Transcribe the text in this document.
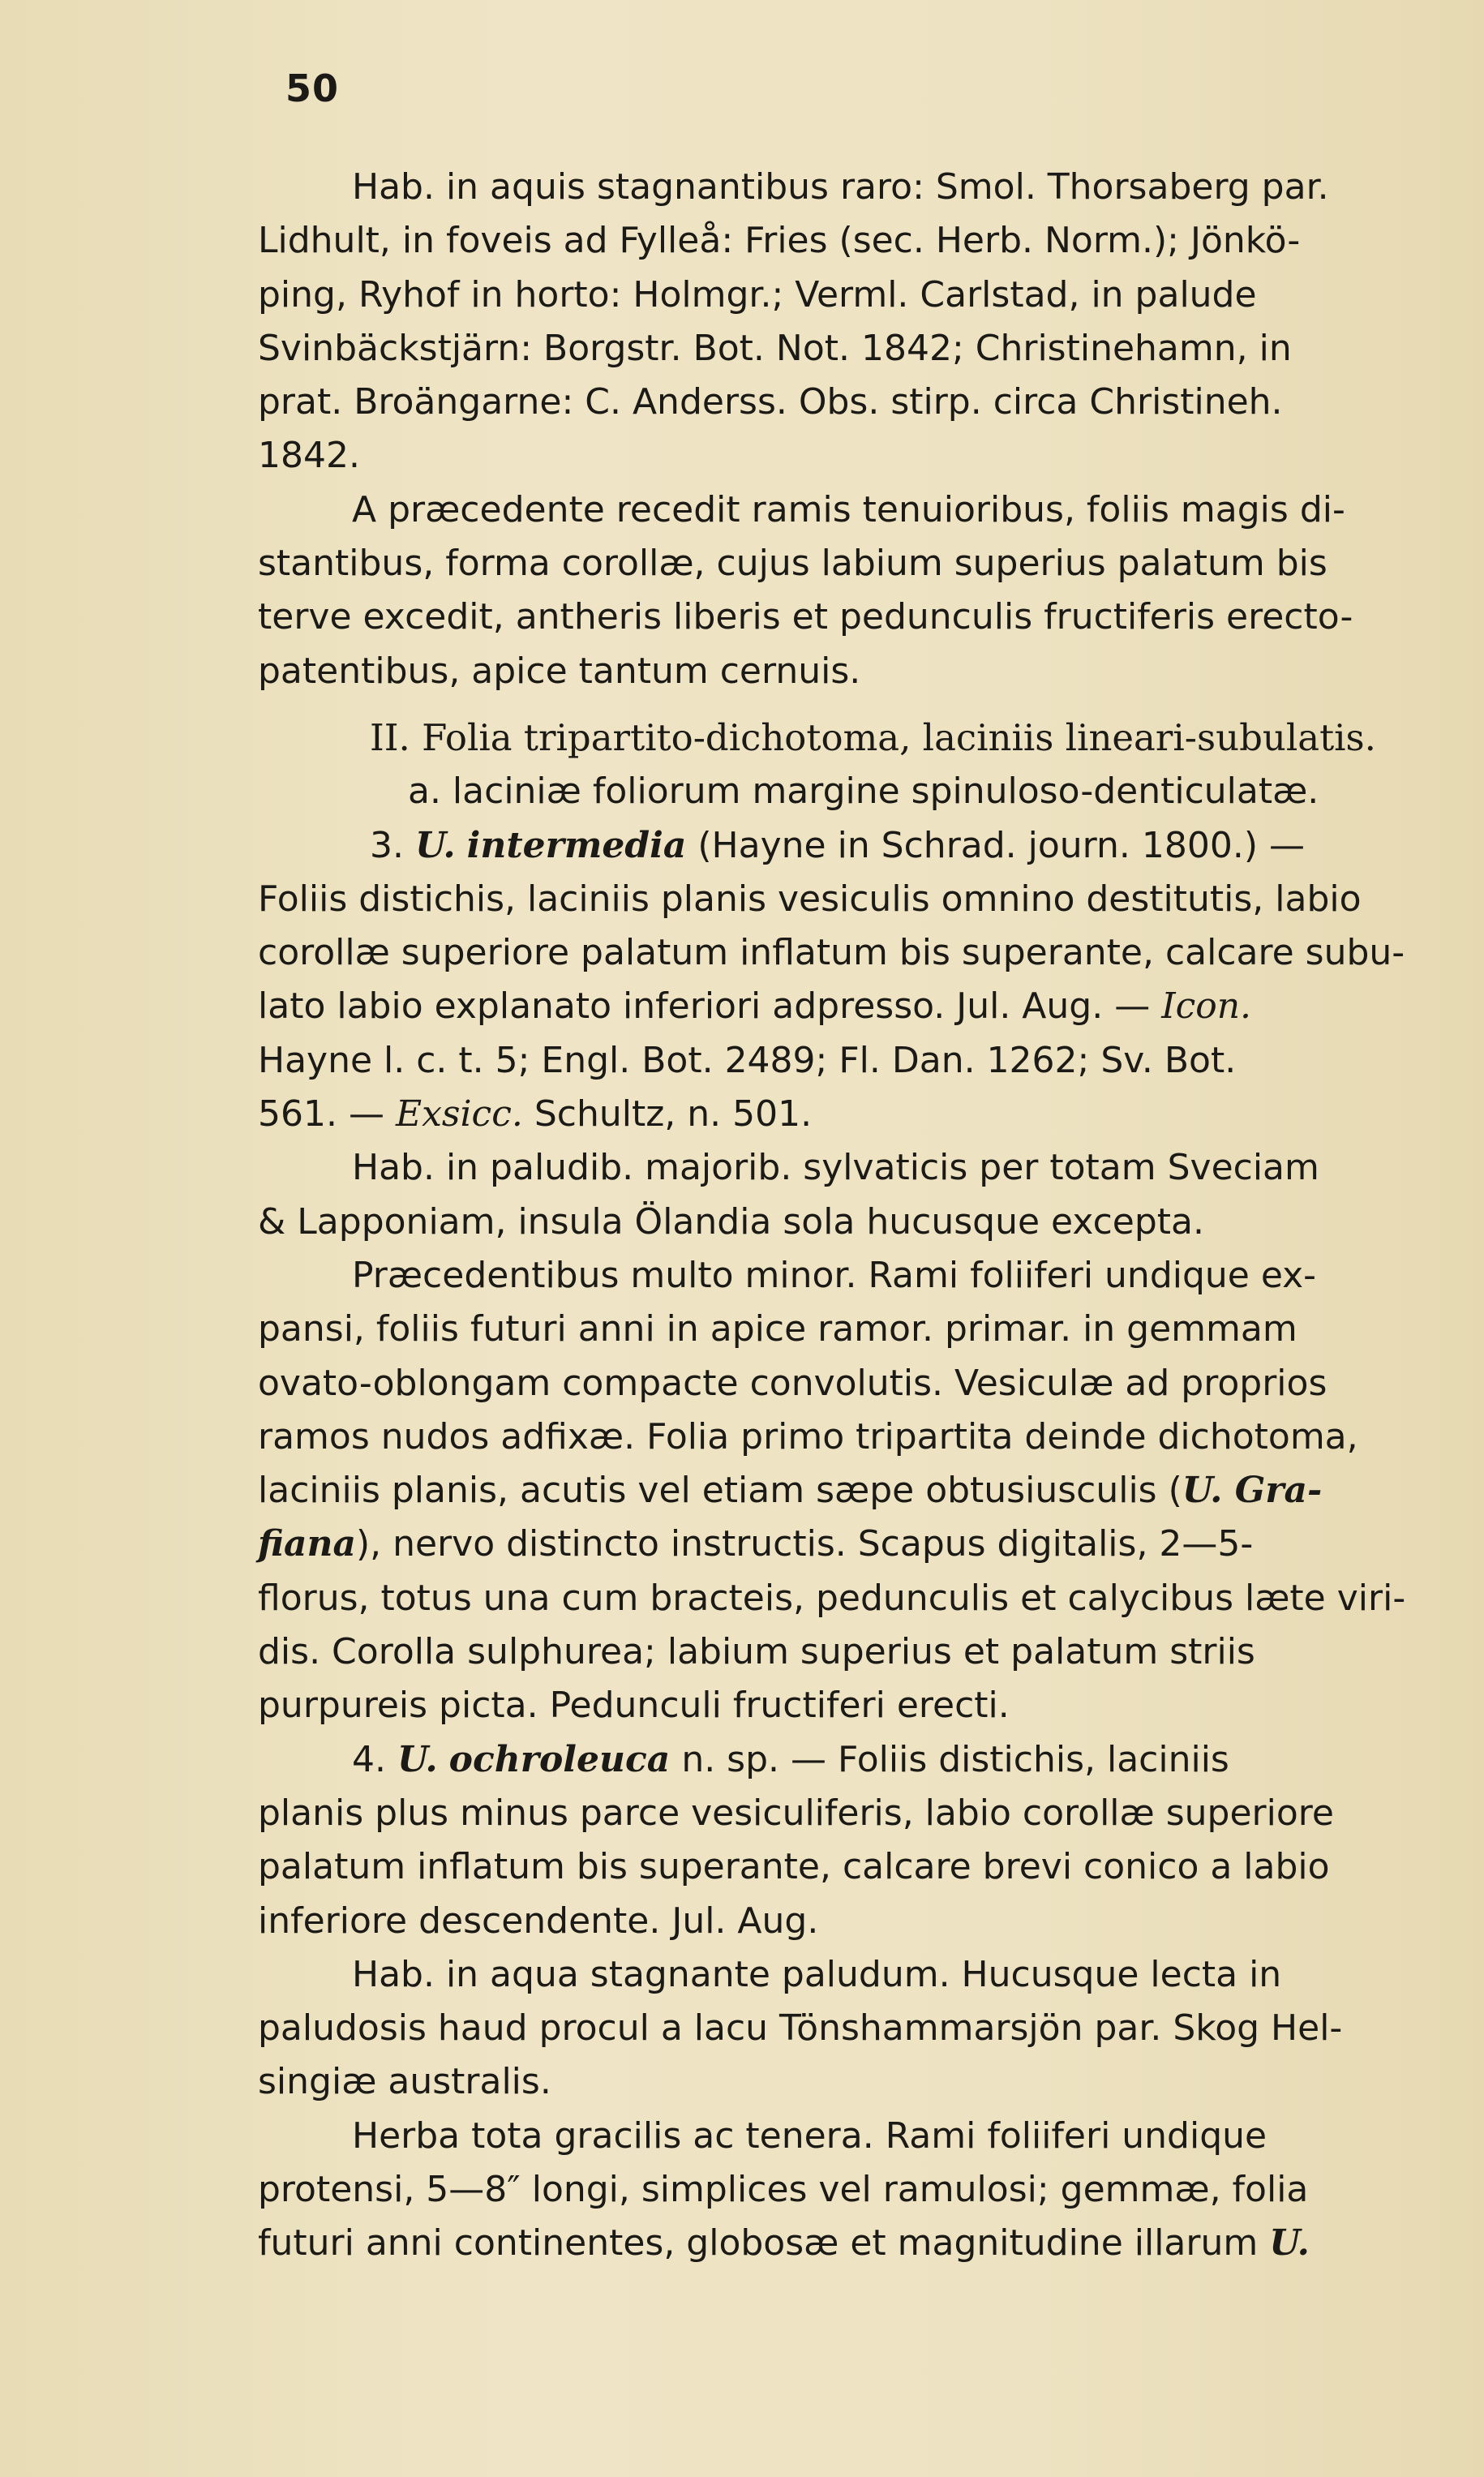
50
Hab. in aquis stagnantibus raro: Smol. Thorsaberg par.
Lidhult, in foveis ad Fylleå: Fries (sec. Herb. Norm.); Jönkö-
ping, Ryhof in horto: Holmgr.; Verml. Carlstad, in palude
Svinbäckstjärn: Borgstr. Bot. Not. 1842; Christinehamn, in
prat. Broängarne: C. Anderss. Obs. stirp. circa Christineh.
1842.
A præcedente recedit ramis tenuioribus, foliis magis di-
stantibus, forma corollæ, cujus labium superius palatum bis
terve excedit, antheris liberis et pedunculis fructiferis erecto-
patentibus, apice tantum cernuis.
II. Folia tripartito-dichotoma, laciniis lineari-subulatis.
a. laciniæ foliorum margine spinuloso-denticulatæ.
3. U. intermedia (Hayne in Schrad. journ. 1800.) —
Foliis distichis, laciniis planis vesiculis omnino destitutis, labio
corollæ superiore palatum inflatum bis superante, calcare subu-
lato labio explanato inferiori adpresso. Jul. Aug. — Icon.
Hayne l. c. t. 5; Engl. Bot. 2489; Fl. Dan. 1262; Sv. Bot.
561. — Exsicc. Schultz, n. 501.
Hab. in paludib. majorib. sylvaticis per totam Sveciam
& Lapponiam, insula Ölandia sola hucusque excepta.
Præcedentibus multo minor. Rami foliiferi undique ex-
pansi, foliis futuri anni in apice ramor. primar. in gemmam
ovato-oblongam compacte convolutis. Vesiculæ ad proprios
ramos nudos adfixæ. Folia primo tripartita deinde dichotoma,
laciniis planis, acutis vel etiam sæpe obtusiusculis (U. Gra-
fiana), nervo distincto instructis. Scapus digitalis, 2—5-
florus, totus una cum bracteis, pedunculis et calycibus læte viri-
dis. Corolla sulphurea; labium superius et palatum striis
purpureis picta. Pedunculi fructiferi erecti.
4. U. ochroleuca n. sp. — Foliis distichis, laciniis
planis plus minus parce vesiculiferis, labio corollæ superiore
palatum inflatum bis superante, calcare brevi conico a labio
inferiore descendente. Jul. Aug.
Hab. in aqua stagnante paludum. Hucusque lecta in
paludosis haud procul a lacu Tönshammarsjön par. Skog Hel-
singiæ australis.
Herba tota gracilis ac tenera. Rami foliiferi undique
protensi, 5—8″ longi, simplices vel ramulosi; gemmæ, folia
futuri anni continentes, globosæ et magnitudine illarum U.
